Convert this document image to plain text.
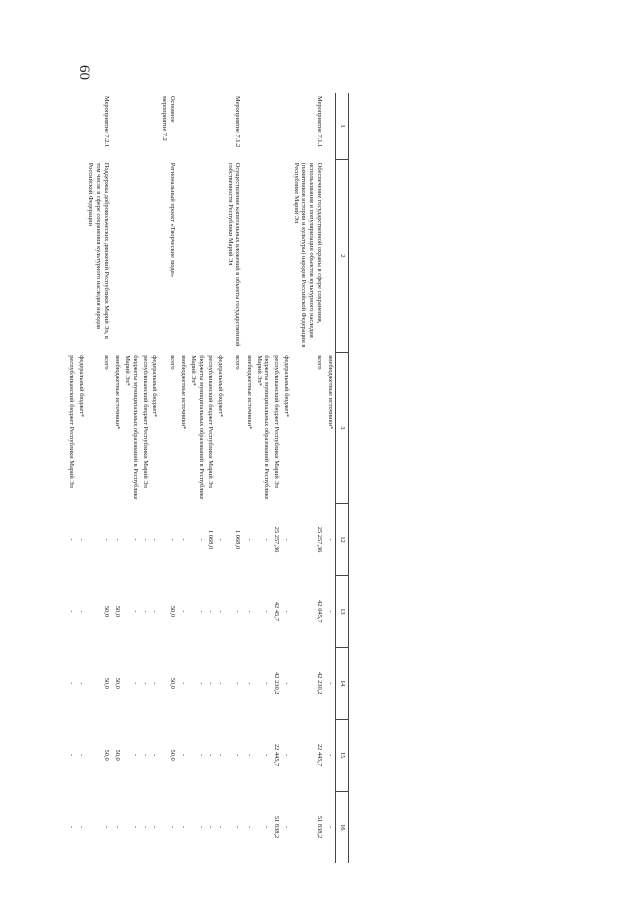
60
1	2	3	12	13	14	15	16
		внебюджетные источники*	-	-	-	-	-
Мероприятие 7.1.1	Обеспечение государственной охраны в сфере сохранения, использования и популяризации объектов культурного наследия (памятников истории и культуры) народов Российской Федерации в Республике Марий Эл	всего	25 257,36	42 045,7	42 230,2	22 445,7	51 838,2
		федеральный бюджет*	-	-	-	-	-
		республиканский бюджет Республики Марий Эл	25 257,36	42 45,7	42 230,2	22 445,7	51 838,2
		бюджеты муниципальных образований в Республике Марий Эл*	-	-	-	-	-
		внебюджетные источники*	-	-	-	-	-
Мероприятие 7.1.2	Осуществление капитальных вложений в объекты государственной собственности Республики Марий Эл	всего	1 068,0	-	-	-	-
		федеральный бюджет*	-	-	-	-	-
		республиканский бюджет Республики Марий Эл	1 068,0	-	-	-	-
		бюджеты муниципальных образований в Республике Марий Эл*	-	-	-	-	-
		внебюджетные источники*	-	-	-	-	-
Основное мероприятие 7.2	Региональный проект «Творческие люди»	всего	-	50,0	50,0	50,0	-
		федеральный бюджет*	-	-	-	-	-
		республиканский бюджет Республики Марий Эл	-	-	-	-	-
		бюджеты муниципальных образований в Республике Марий Эл*	-	-	-	-	-
		внебюджетные источники*	-	50,0	50,0	50,0	-
Мероприятие 7.2.1	Поддержка добровольческих движений Республики Марий Эл, в том числе в сфере сохранения культурного наследия народов Российской Федерации	всего	-	50,0	50,0	50,0	-
		федеральный бюджет*	-	-	-	-	-
		республиканский бюджет Республики Марий Эл	-	-	-	-	-
